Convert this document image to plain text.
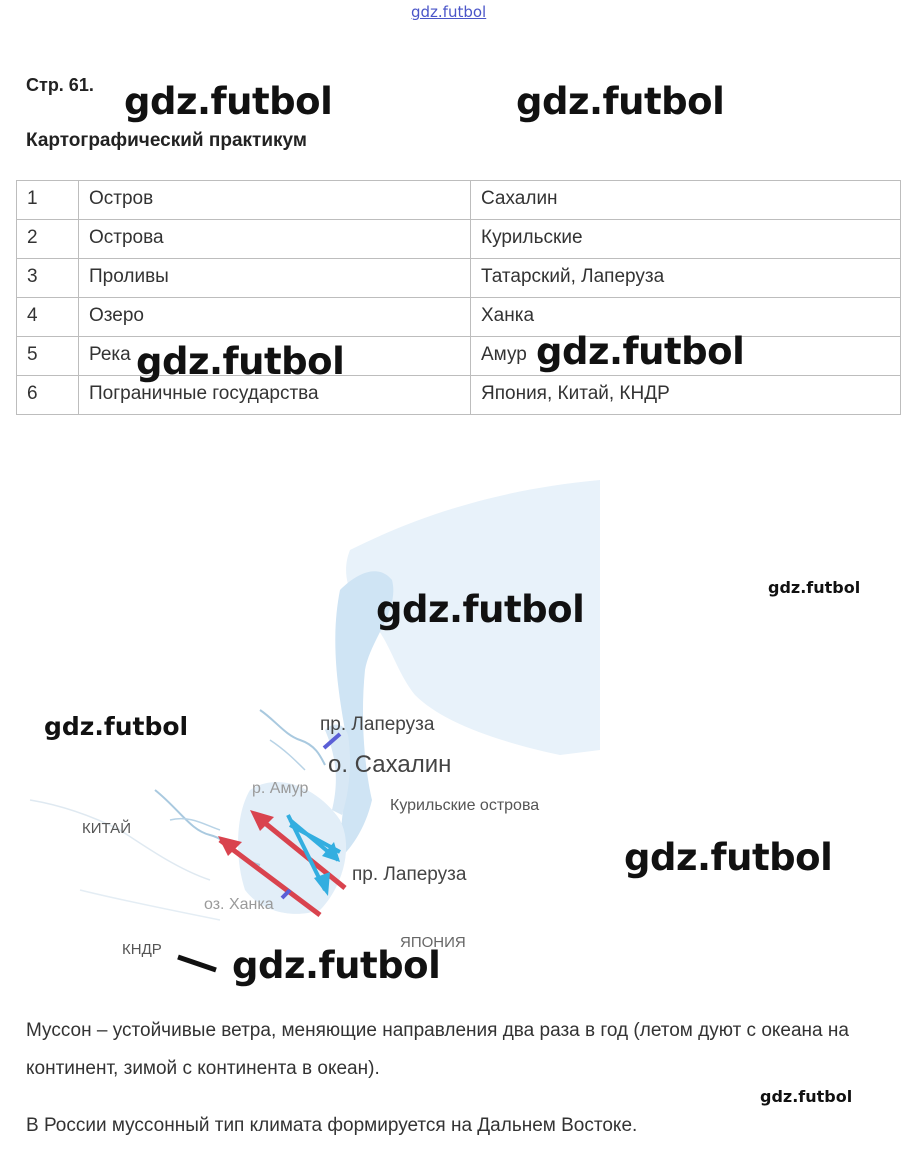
gdz.futbol
Стр. 61.
Картографический практикум
1	Остров	Сахалин
2	Острова	Курильские
3	Проливы	Татарский, Лаперуза
4	Озеро	Ханка
5	Река	Амур
6	Пограничные государства	Япония, Китай, КНДР
пр. Лаперуза
о. Сахалин
р. Амур
Курильские острова
КИТАЙ
пр. Лаперуза
оз. Ханка
ЯПОНИЯ
КНДР
Муссон – устойчивые ветра, меняющие направления два раза в год (летом дуют с океана на континент, зимой с континента в океан).
В России муссонный тип климата формируется на Дальнем Востоке.
gdz.futbol	gdz.futbol
gdz.futbol	gdz.futbol
gdz.futbol
gdz.futbol
gdz.futbol
gdz.futbol
gdz.futbol
gdz.futbol
